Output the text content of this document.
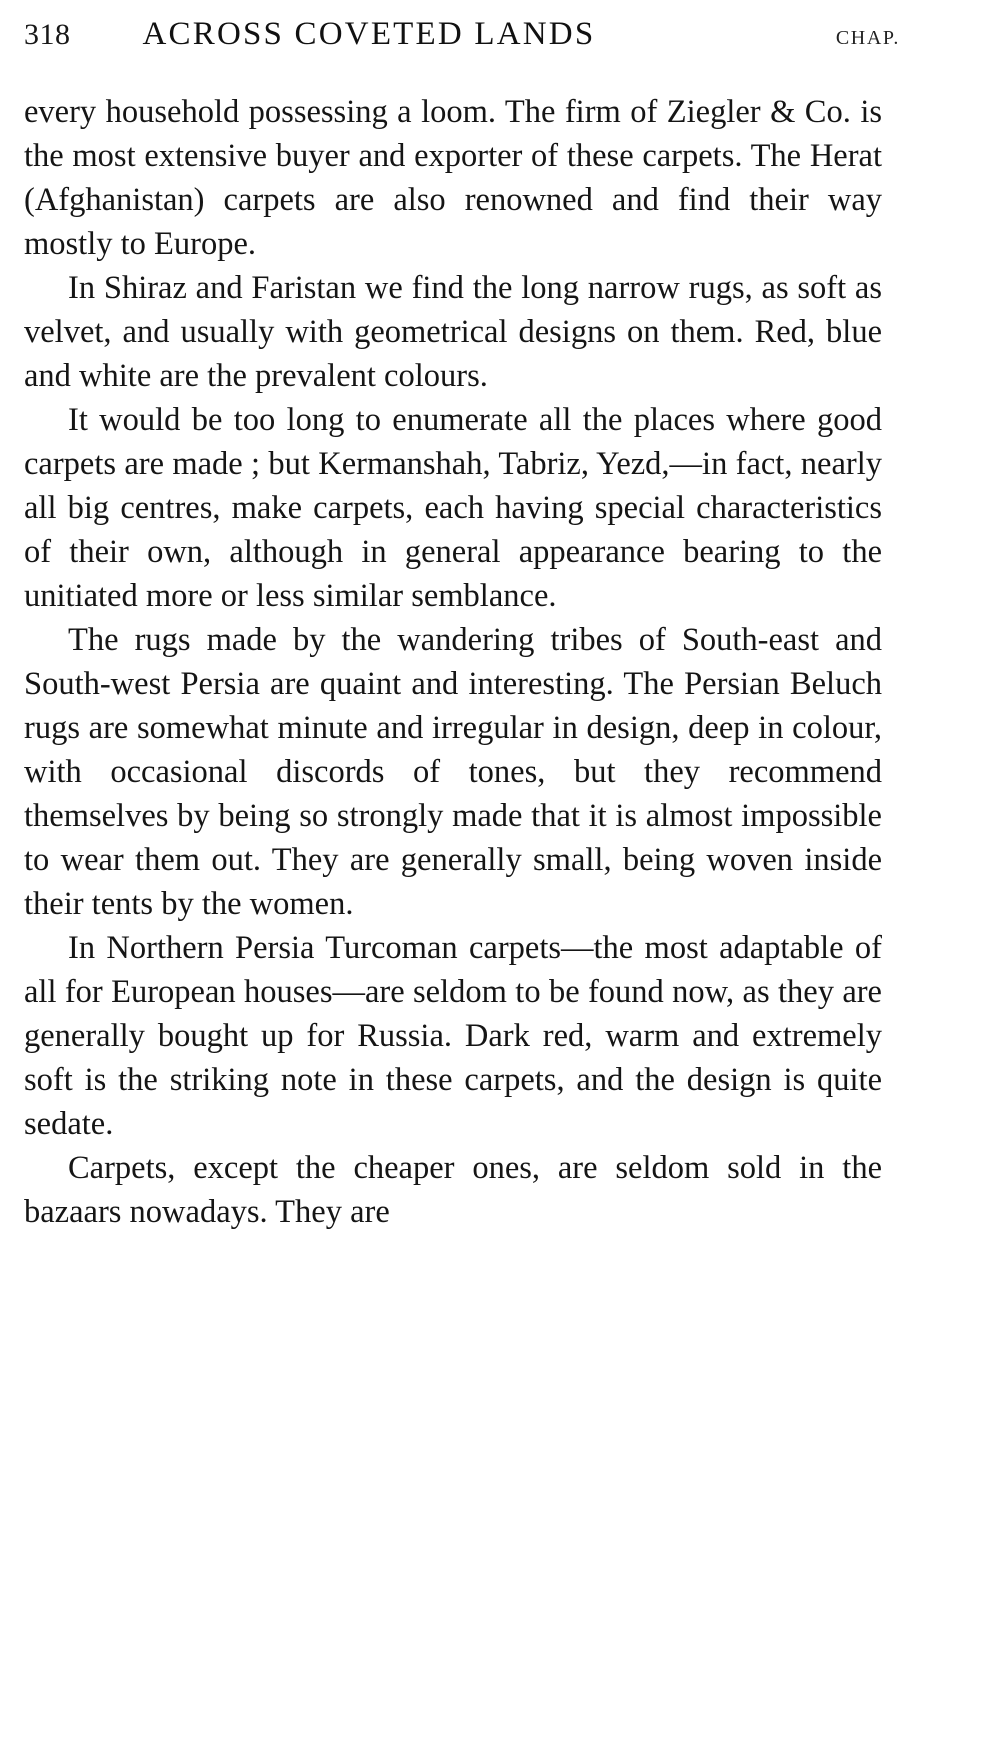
318 ACROSS COVETED LANDS	CHAP.

every household possessing a loom. The firm of Ziegler & Co. is the most extensive buyer and exporter of these carpets. The Herat (Afghanistan) carpets are also renowned and find their way mostly to Europe.

In Shiraz and Faristan we find the long narrow rugs, as soft as velvet, and usually with geometrical designs on them. Red, blue and white are the prevalent colours.

It would be too long to enumerate all the places where good carpets are made ; but Kermanshah, Tabriz, Yezd,—in fact, nearly all big centres, make carpets, each having special characteristics of their own, although in general appearance bearing to the unitiated more or less similar semblance.

The rugs made by the wandering tribes of South-east and South-west Persia are quaint and interesting. The Persian Beluch rugs are somewhat minute and irregular in design, deep in colour, with occasional discords of tones, but they recommend themselves by being so strongly made that it is almost impossible to wear them out. They are generally small, being woven inside their tents by the women.

In Northern Persia Turcoman carpets—the most adaptable of all for European houses—are seldom to be found now, as they are generally bought up for Russia. Dark red, warm and extremely soft is the striking note in these carpets, and the design is quite sedate.

Carpets, except the cheaper ones, are seldom sold in the bazaars nowadays. They are
